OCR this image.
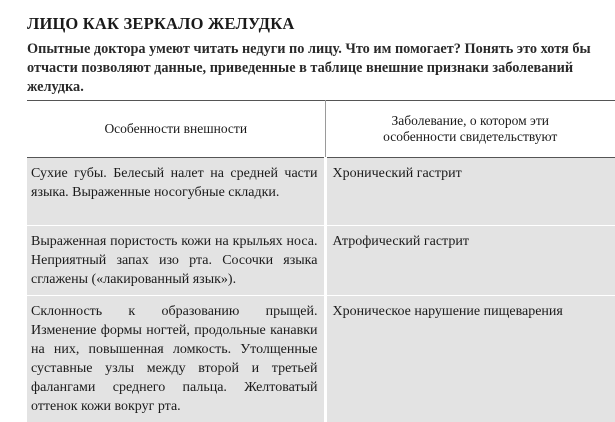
ЛИЦО КАК ЗЕРКАЛО ЖЕЛУДКА

Опытные доктора умеют читать недуги по лицу. Что им помогает? Понять это хотя бы отчасти позволяют данные, приведенные в таблице внешние признаки заболеваний желудка.

Особенности внешности	Заболевание, о котором эти особенности свидетельствуют
Сухие губы. Белесый налет на средней части языка. Выраженные носогубные складки.	Хронический гастрит
Выраженная пористость кожи на крыльях носа. Неприятный запах изо рта. Сосочки языка сглажены («лакированный язык»).	Атрофический гастрит
Склонность к образованию прыщей. Изменение формы ногтей, продольные канавки на них, повышенная ломкость. Утолщенные суставные узлы между второй и третьей фалангами среднего пальца. Желтоватый оттенок кожи вокруг рта.	Хроническое нарушение пищеварения
